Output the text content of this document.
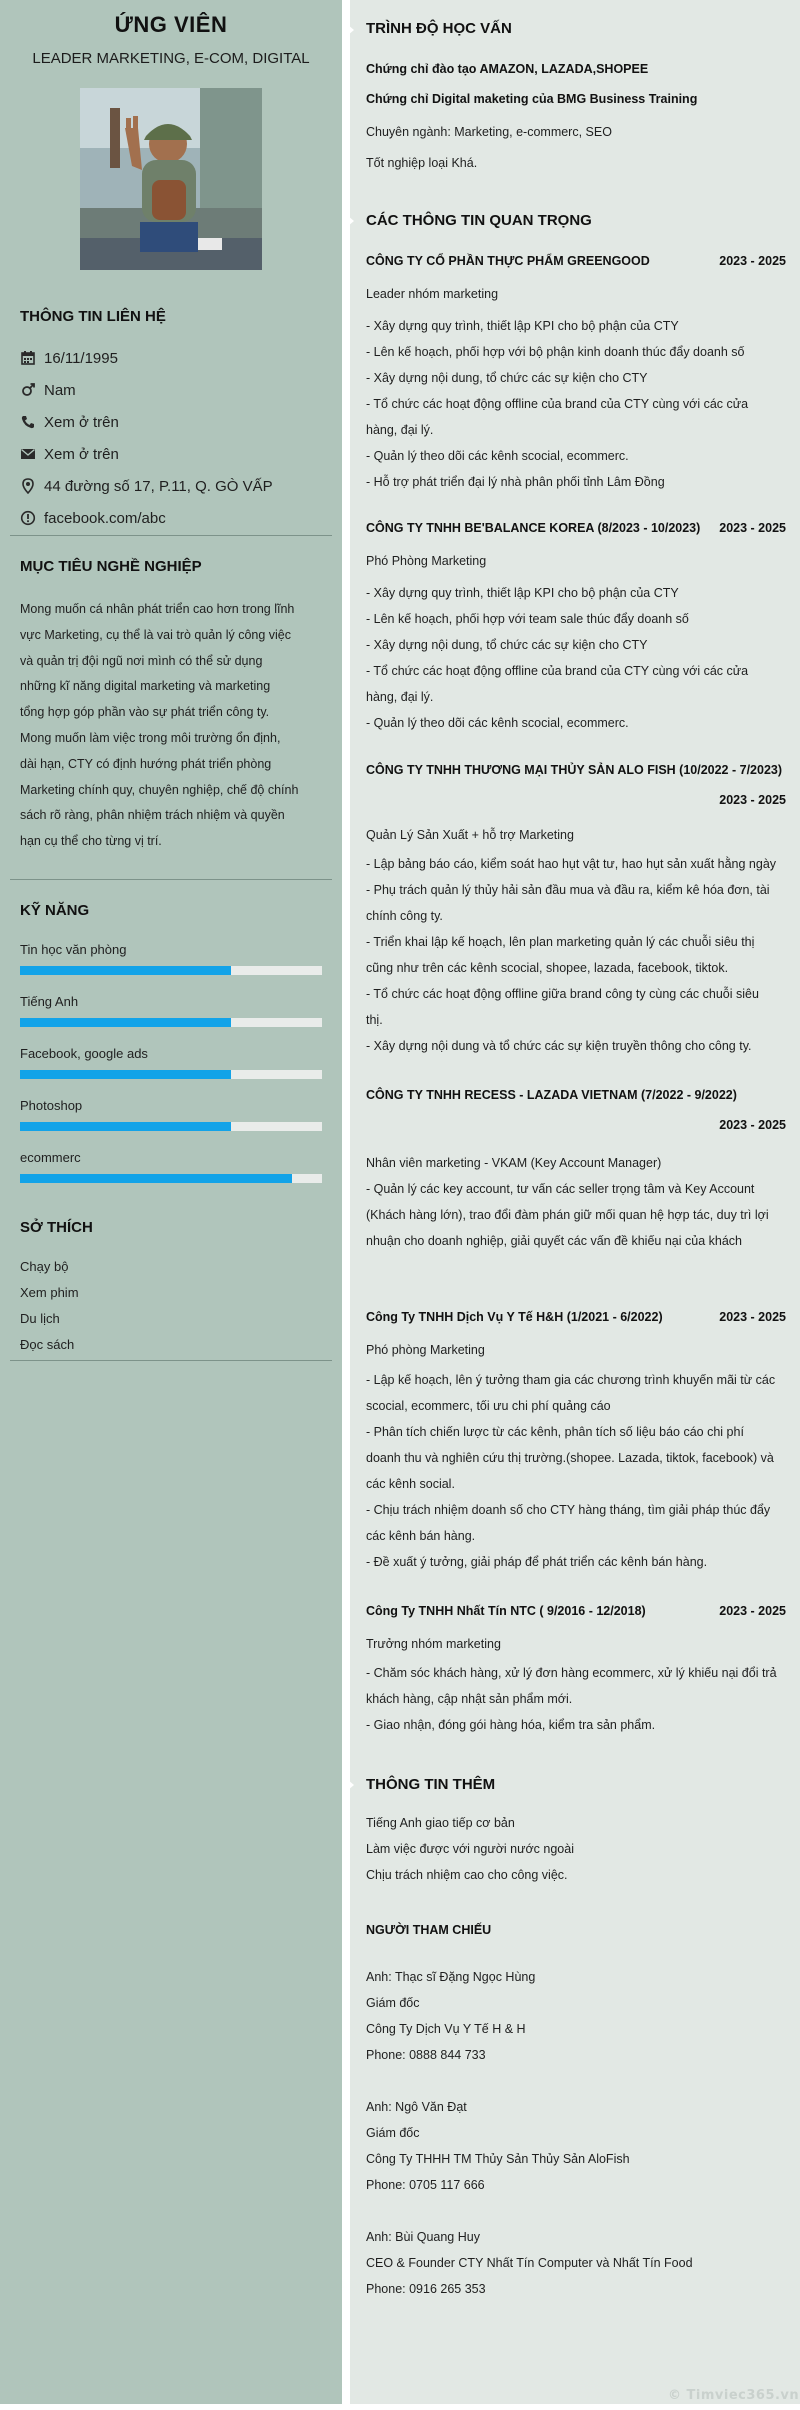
ỨNG VIÊN
LEADER MARKETING, E-COM, DIGITAL
THÔNG TIN LIÊN HỆ
16/11/1995
Nam
Xem ở trên
Xem ở trên
44 đường số 17, P.11, Q. GÒ VẤP
facebook.com/abc
MỤC TIÊU NGHỀ NGHIỆP
Mong muốn cá nhân phát triển cao hơn trong lĩnh
vực Marketing, cụ thể là vai trò quản lý công việc
và quản trị đội ngũ nơi mình có thể sử dụng
những kĩ năng digital marketing và marketing
tổng hợp góp phần vào sự phát triển công ty.
Mong muốn làm việc trong môi trường ổn định,
dài hạn, CTY có định hướng phát triển phòng
Marketing chính quy, chuyên nghiệp, chế độ chính
sách rõ ràng, phân nhiệm trách nhiệm và quyền
hạn cụ thể cho từng vị trí.
KỸ NĂNG
Tin học văn phòng
Tiếng Anh
Facebook, google ads
Photoshop
ecommerc
SỞ THÍCH
Chạy bộ
Xem phim
Du lịch
Đọc sách
TRÌNH ĐỘ HỌC VẤN
Chứng chỉ đào tạo AMAZON, LAZADA,SHOPEE
Chứng chỉ Digital maketing của BMG Business Training
Chuyên ngành: Marketing, e-commerc, SEO
Tốt nghiệp loại Khá.
CÁC THÔNG TIN QUAN TRỌNG
CÔNG TY CỔ PHẦN THỰC PHẨM GREENGOOD	2023 - 2025
Leader nhóm marketing
- Xây dựng quy trình, thiết lập KPI cho bộ phận của CTY
- Lên kế hoạch, phối hợp với bộ phận kinh doanh thúc đẩy doanh số
- Xây dựng nội dung, tổ chức các sự kiện cho CTY
- Tổ chức các hoạt động offline của brand của CTY cùng với các cửa
hàng, đại lý.
- Quản lý theo dõi các kênh scocial, ecommerc.
- Hỗ trợ phát triển đại lý nhà phân phối tỉnh Lâm Đồng
CÔNG TY TNHH BE'BALANCE KOREA (8/2023 - 10/2023)	2023 - 2025
Phó Phòng Marketing
- Xây dựng quy trình, thiết lập KPI cho bộ phận của CTY
- Lên kế hoạch, phối hợp với team sale thúc đẩy doanh số
- Xây dựng nội dung, tổ chức các sự kiện cho CTY
- Tổ chức các hoạt động offline của brand của CTY cùng với các cửa
hàng, đại lý.
- Quản lý theo dõi các kênh scocial, ecommerc.
CÔNG TY TNHH THƯƠNG MẠI THỦY SẢN ALO FISH (10/2022 - 7/2023)
2023 - 2025
Quản Lý Sản Xuất + hỗ trợ Marketing
- Lập bảng báo cáo, kiểm soát hao hụt vật tư, hao hụt sản xuất hằng ngày
- Phụ trách quản lý thủy hải sản đầu mua và đầu ra, kiểm kê hóa đơn, tài
chính công ty.
- Triển khai lập kế hoạch, lên plan marketing quản lý các chuỗi siêu thị
cũng như trên các kênh scocial, shopee, lazada, facebook, tiktok.
- Tổ chức các hoạt động offline giữa brand công ty cùng các chuỗi siêu
thị.
- Xây dựng nội dung và tổ chức các sự kiện truyền thông cho công ty.
CÔNG TY TNHH RECESS - LAZADA VIETNAM (7/2022 - 9/2022)
2023 - 2025
Nhân viên marketing - VKAM (Key Account Manager)
- Quản lý các key account, tư vấn các seller trọng tâm và Key Account
(Khách hàng lớn), trao đổi đàm phán giữ mối quan hệ hợp tác, duy trì lợi
nhuận cho doanh nghiệp, giải quyết các vấn đề khiếu nại của khách
Công Ty TNHH Dịch Vụ Y Tế H&H (1/2021 - 6/2022)	2023 - 2025
Phó phòng Marketing
- Lập kế hoạch, lên ý tưởng tham gia các chương trình khuyến mãi từ các
scocial, ecommerc, tối ưu chi phí quảng cáo
- Phân tích chiến lược từ các kênh, phân tích số liệu báo cáo chi phí
doanh thu và nghiên cứu thị trường.(shopee. Lazada, tiktok, facebook) và
các kênh social.
- Chịu trách nhiệm doanh số cho CTY hàng tháng, tìm giải pháp thúc đẩy
các kênh bán hàng.
- Đề xuất ý tưởng, giải pháp để phát triển các kênh bán hàng.
Công Ty TNHH Nhất Tín NTC ( 9/2016 - 12/2018)	2023 - 2025
Trưởng nhóm marketing
- Chăm sóc khách hàng, xử lý đơn hàng ecommerc, xử lý khiếu nại đổi trả
khách hàng, cập nhật sản phẩm mới.
- Giao nhận, đóng gói hàng hóa, kiểm tra sản phẩm.
THÔNG TIN THÊM
Tiếng Anh giao tiếp cơ bản
Làm việc được với người nước ngoài
Chịu trách nhiệm cao cho công việc.
NGƯỜI THAM CHIẾU
Anh: Thạc sĩ Đặng Ngọc Hùng
Giám đốc
Công Ty Dịch Vụ Y Tế H & H
Phone: 0888 844 733
Anh: Ngô Văn Đạt
Giám đốc
Công Ty THHH TM Thủy Sản Thủy Sản AloFish
Phone: 0705 117 666
Anh: Bùi Quang Huy
CEO & Founder CTY Nhất Tín Computer và Nhất Tín Food
Phone: 0916 265 353
© Timviec365.vn
